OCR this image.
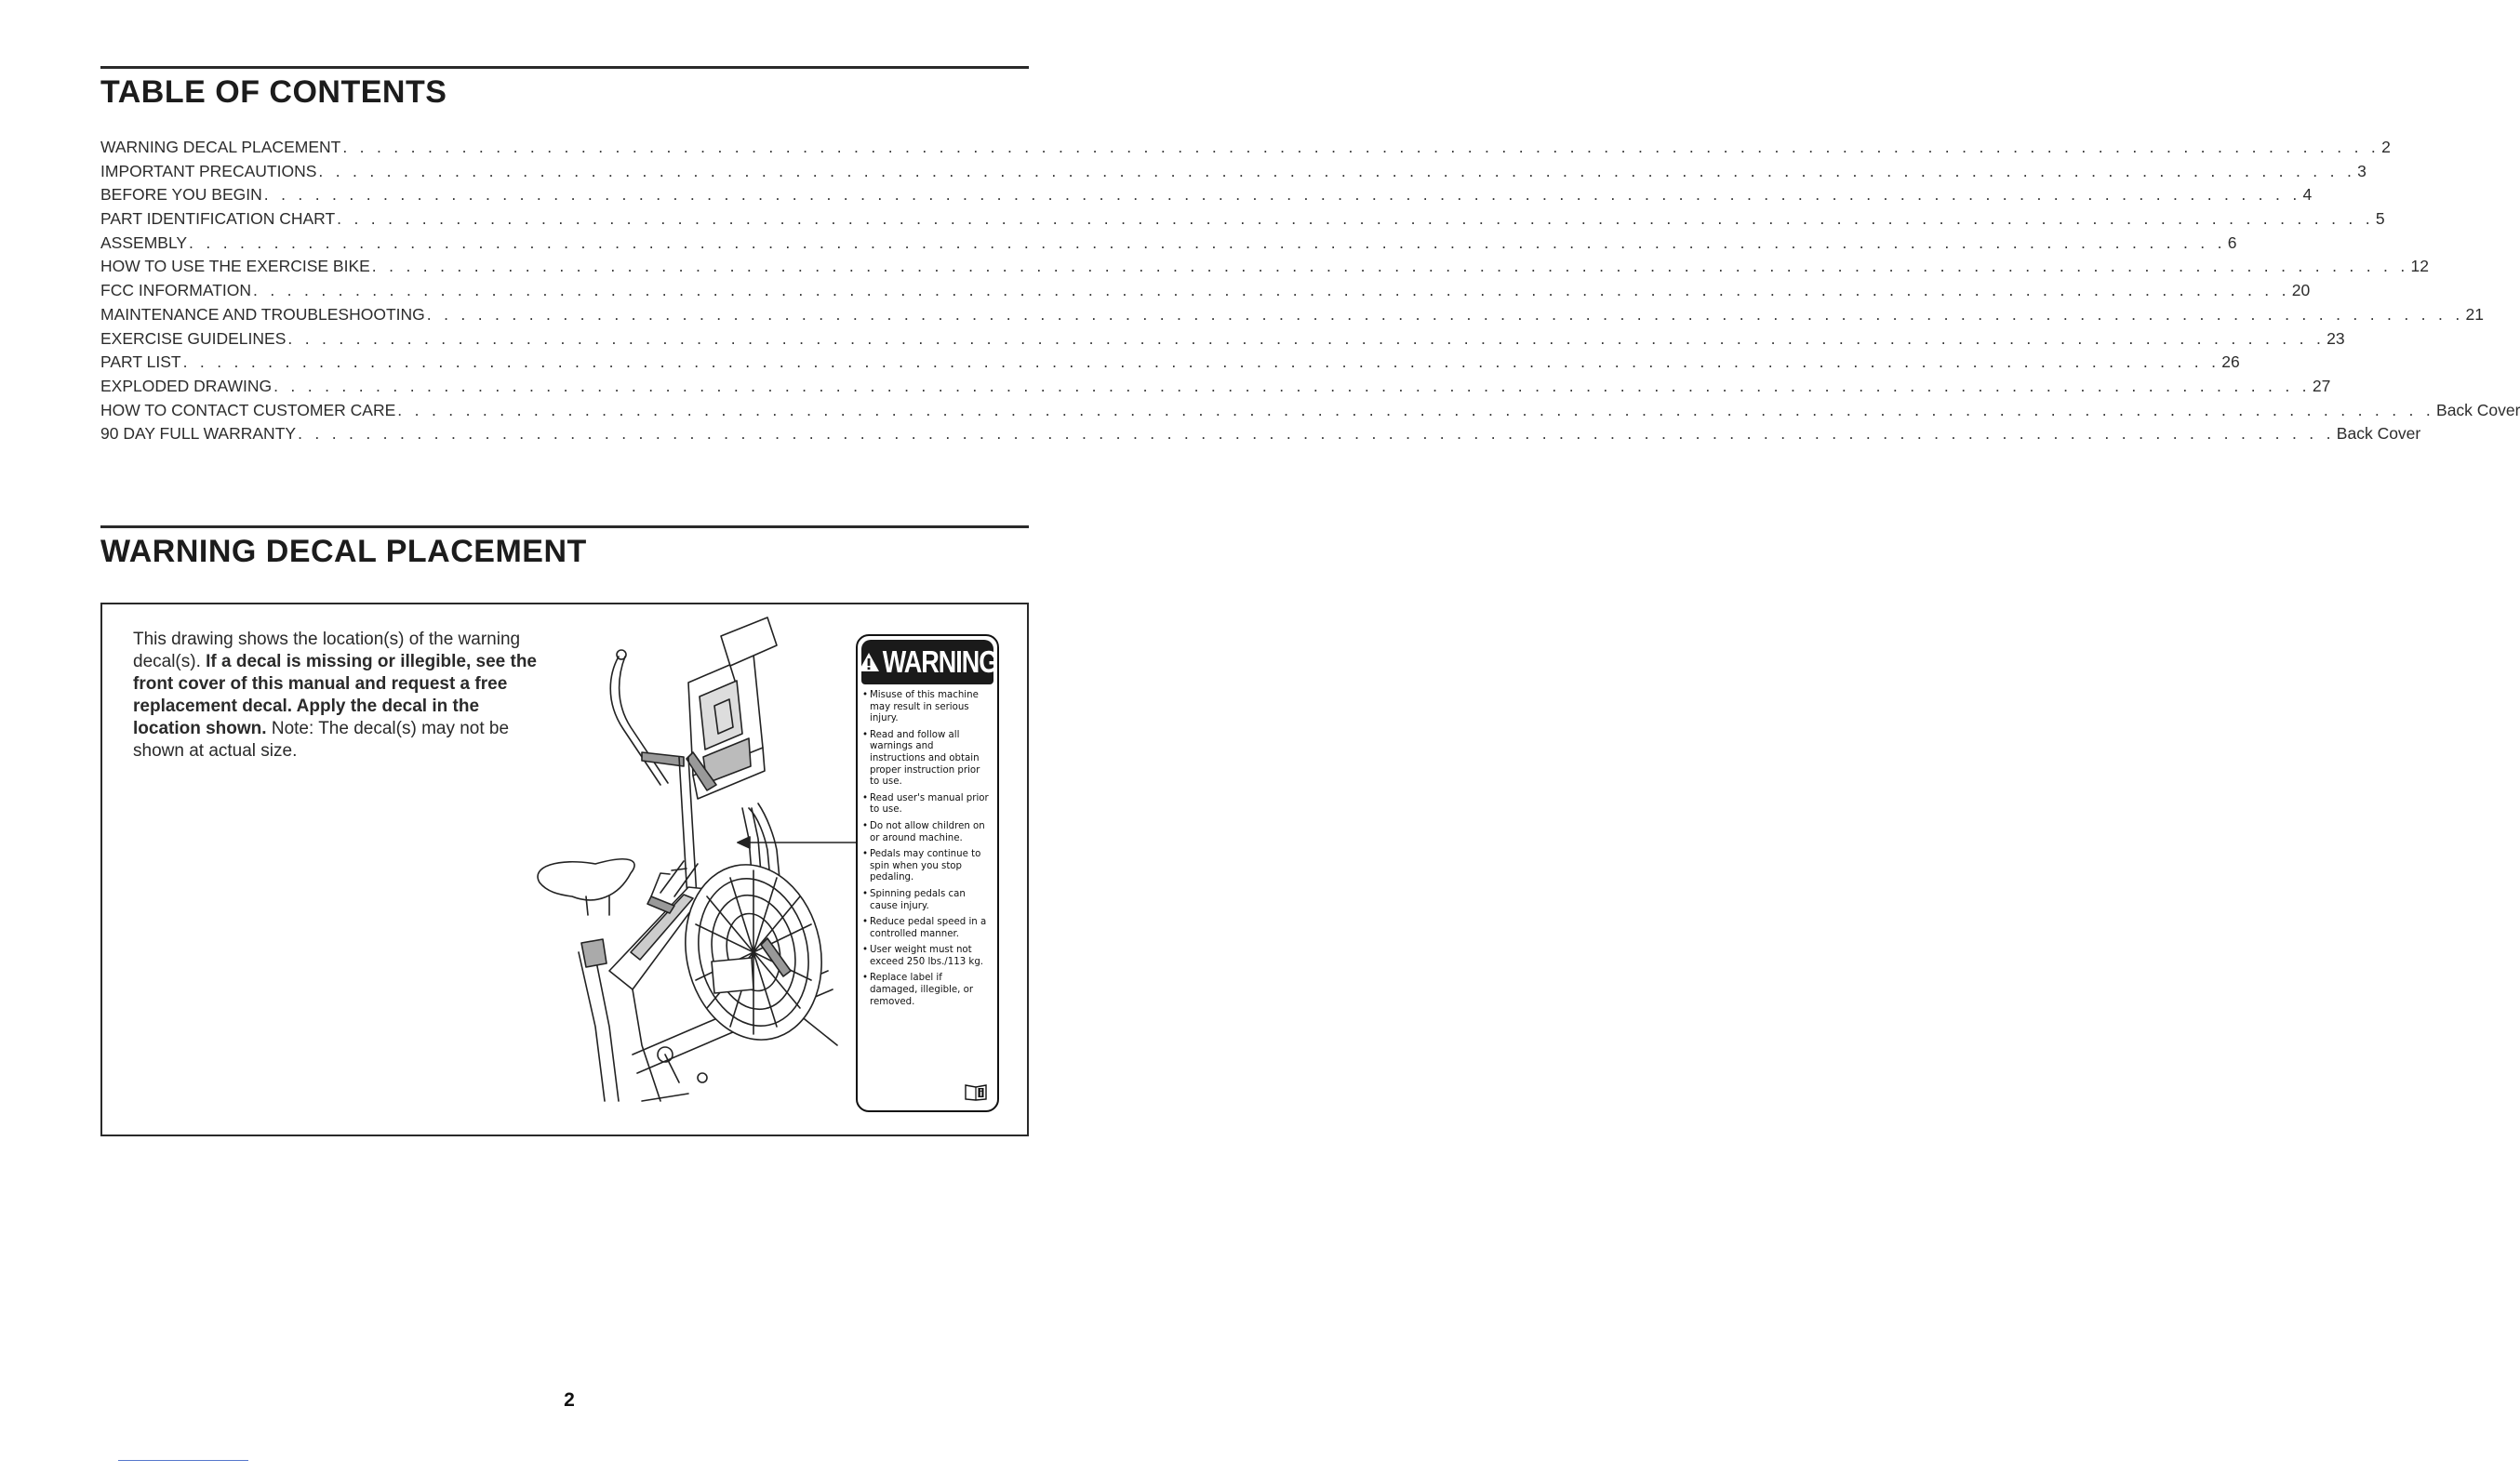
TABLE OF CONTENTS
WARNING DECAL PLACEMENT . . . . . . . . . . . . . . . . . . . . . . . . . . . . . . . . . . . . . . . . . . . . . . . . . . . . . . . . . . . . . . . . . . . . . . . . . . . . . . . . . . . . . . . . . . . . . . . . . . . . . . . . . . . . . . . . . . . . . . . . 2
IMPORTANT PRECAUTIONS . . . . . . . . . . . . . . . . . . . . . . . . . . . . . . . . . . . . . . . . . . . . . . . . . . . . . . . . . . . . . . . . . . . . . . . . . . . . . . . . . . . . . . . . . . . . . . . . . . . . . . . . . . . . . . . . . . . . . . . . 3
BEFORE YOU BEGIN . . . . . . . . . . . . . . . . . . . . . . . . . . . . . . . . . . . . . . . . . . . . . . . . . . . . . . . . . . . . . . . . . . . . . . . . . . . . . . . . . . . . . . . . . . . . . . . . . . . . . . . . . . . . . . . . . . . . . . . . 4
PART IDENTIFICATION CHART . . . . . . . . . . . . . . . . . . . . . . . . . . . . . . . . . . . . . . . . . . . . . . . . . . . . . . . . . . . . . . . . . . . . . . . . . . . . . . . . . . . . . . . . . . . . . . . . . . . . . . . . . . . . . . . . . . . . . . . . 5
ASSEMBLY . . . . . . . . . . . . . . . . . . . . . . . . . . . . . . . . . . . . . . . . . . . . . . . . . . . . . . . . . . . . . . . . . . . . . . . . . . . . . . . . . . . . . . . . . . . . . . . . . . . . . . . . . . . . . . . . . . . . . . . . 6
HOW TO USE THE EXERCISE BIKE . . . . . . . . . . . . . . . . . . . . . . . . . . . . . . . . . . . . . . . . . . . . . . . . . . . . . . . . . . . . . . . . . . . . . . . . . . . . . . . . . . . . . . . . . . . . . . . . . . . . . . . . . . . . . . . . . . . . . . . . 12
FCC INFORMATION . . . . . . . . . . . . . . . . . . . . . . . . . . . . . . . . . . . . . . . . . . . . . . . . . . . . . . . . . . . . . . . . . . . . . . . . . . . . . . . . . . . . . . . . . . . . . . . . . . . . . . . . . . . . . . . . . . . . . . . . 20
MAINTENANCE AND TROUBLESHOOTING . . . . . . . . . . . . . . . . . . . . . . . . . . . . . . . . . . . . . . . . . . . . . . . . . . . . . . . . . . . . . . . . . . . . . . . . . . . . . . . . . . . . . . . . . . . . . . . . . . . . . . . . . . . . . . . . . . . . . . . . 21
EXERCISE GUIDELINES . . . . . . . . . . . . . . . . . . . . . . . . . . . . . . . . . . . . . . . . . . . . . . . . . . . . . . . . . . . . . . . . . . . . . . . . . . . . . . . . . . . . . . . . . . . . . . . . . . . . . . . . . . . . . . . . . . . . . . . . 23
PART LIST . . . . . . . . . . . . . . . . . . . . . . . . . . . . . . . . . . . . . . . . . . . . . . . . . . . . . . . . . . . . . . . . . . . . . . . . . . . . . . . . . . . . . . . . . . . . . . . . . . . . . . . . . . . . . . . . . . . . . . . . 26
EXPLODED DRAWING . . . . . . . . . . . . . . . . . . . . . . . . . . . . . . . . . . . . . . . . . . . . . . . . . . . . . . . . . . . . . . . . . . . . . . . . . . . . . . . . . . . . . . . . . . . . . . . . . . . . . . . . . . . . . . . . . . . . . . . . 27
HOW TO CONTACT CUSTOMER CARE . . . . . . . . . . . . . . . . . . . . . . . . . . . . . . . . . . . . . . . . . . . . . . . . . . . . . . . . . . . . . . . . . . . . . . . . . . . . . . . . . . . . . . . . . . . . . . . . . . . . . . . . . . . . . . . . . . . . . . . . Back Cover
90 DAY FULL WARRANTY . . . . . . . . . . . . . . . . . . . . . . . . . . . . . . . . . . . . . . . . . . . . . . . . . . . . . . . . . . . . . . . . . . . . . . . . . . . . . . . . . . . . . . . . . . . . . . . . . . . . . . . . . . . . . . . . . . . . . . . . Back Cover
WARNING DECAL PLACEMENT

This drawing shows the location(s) of the warning decal(s). If a decal is missing or illegible, see the front cover of this manual and request a free replacement decal. Apply the decal in the location shown. Note: The decal(s) may not be shown at actual size.

WARNING
• Misuse of this machine may result in serious injury.
• Read and follow all warnings and instructions and obtain proper instruction prior to use.
• Read user's manual prior to use.
• Do not allow children on or around machine.
• Pedals may continue to spin when you stop pedaling.
• Spinning pedals can cause injury.
• Reduce pedal speed in a controlled manner.
• User weight must not exceed 250 lbs./113 kg.
• Replace label if damaged, illegible, or removed.
2
